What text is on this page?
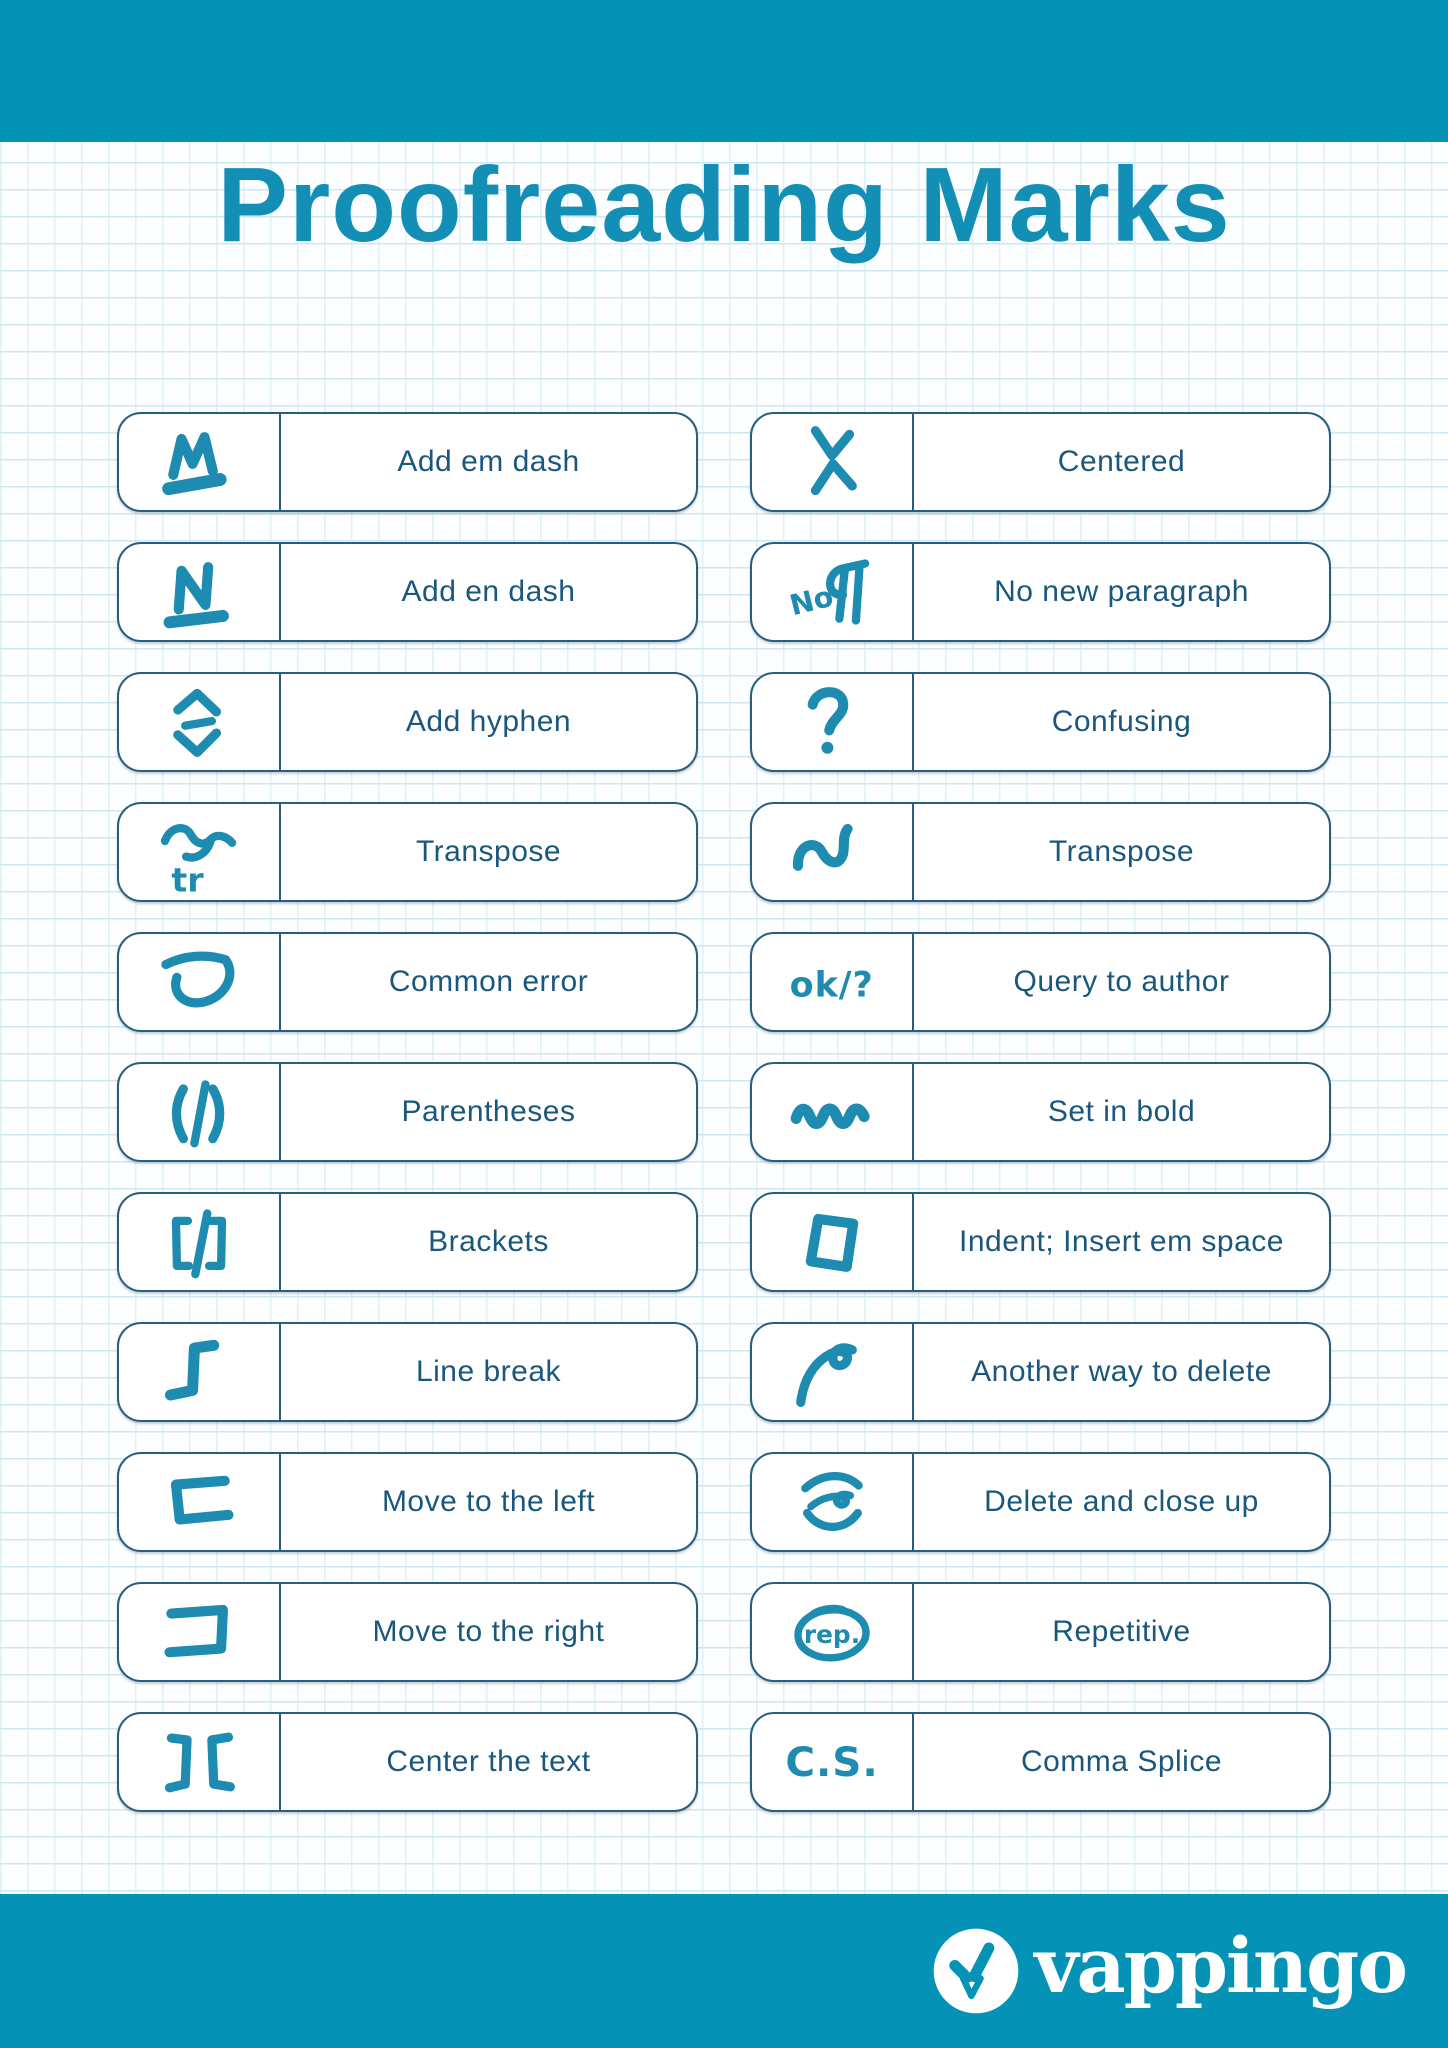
Proofreading Marks
Add em dash
Add en dash
Add hyphen
Transpose
Common error
Parentheses
Brackets
Line break
Move to the left
Move to the right
Center the text
Centered
No new paragraph
Confusing
Transpose
Query to author
Set in bold
Indent; Insert em space
Another way to delete
Delete and close up
Repetitive
Comma Splice
vappingo
